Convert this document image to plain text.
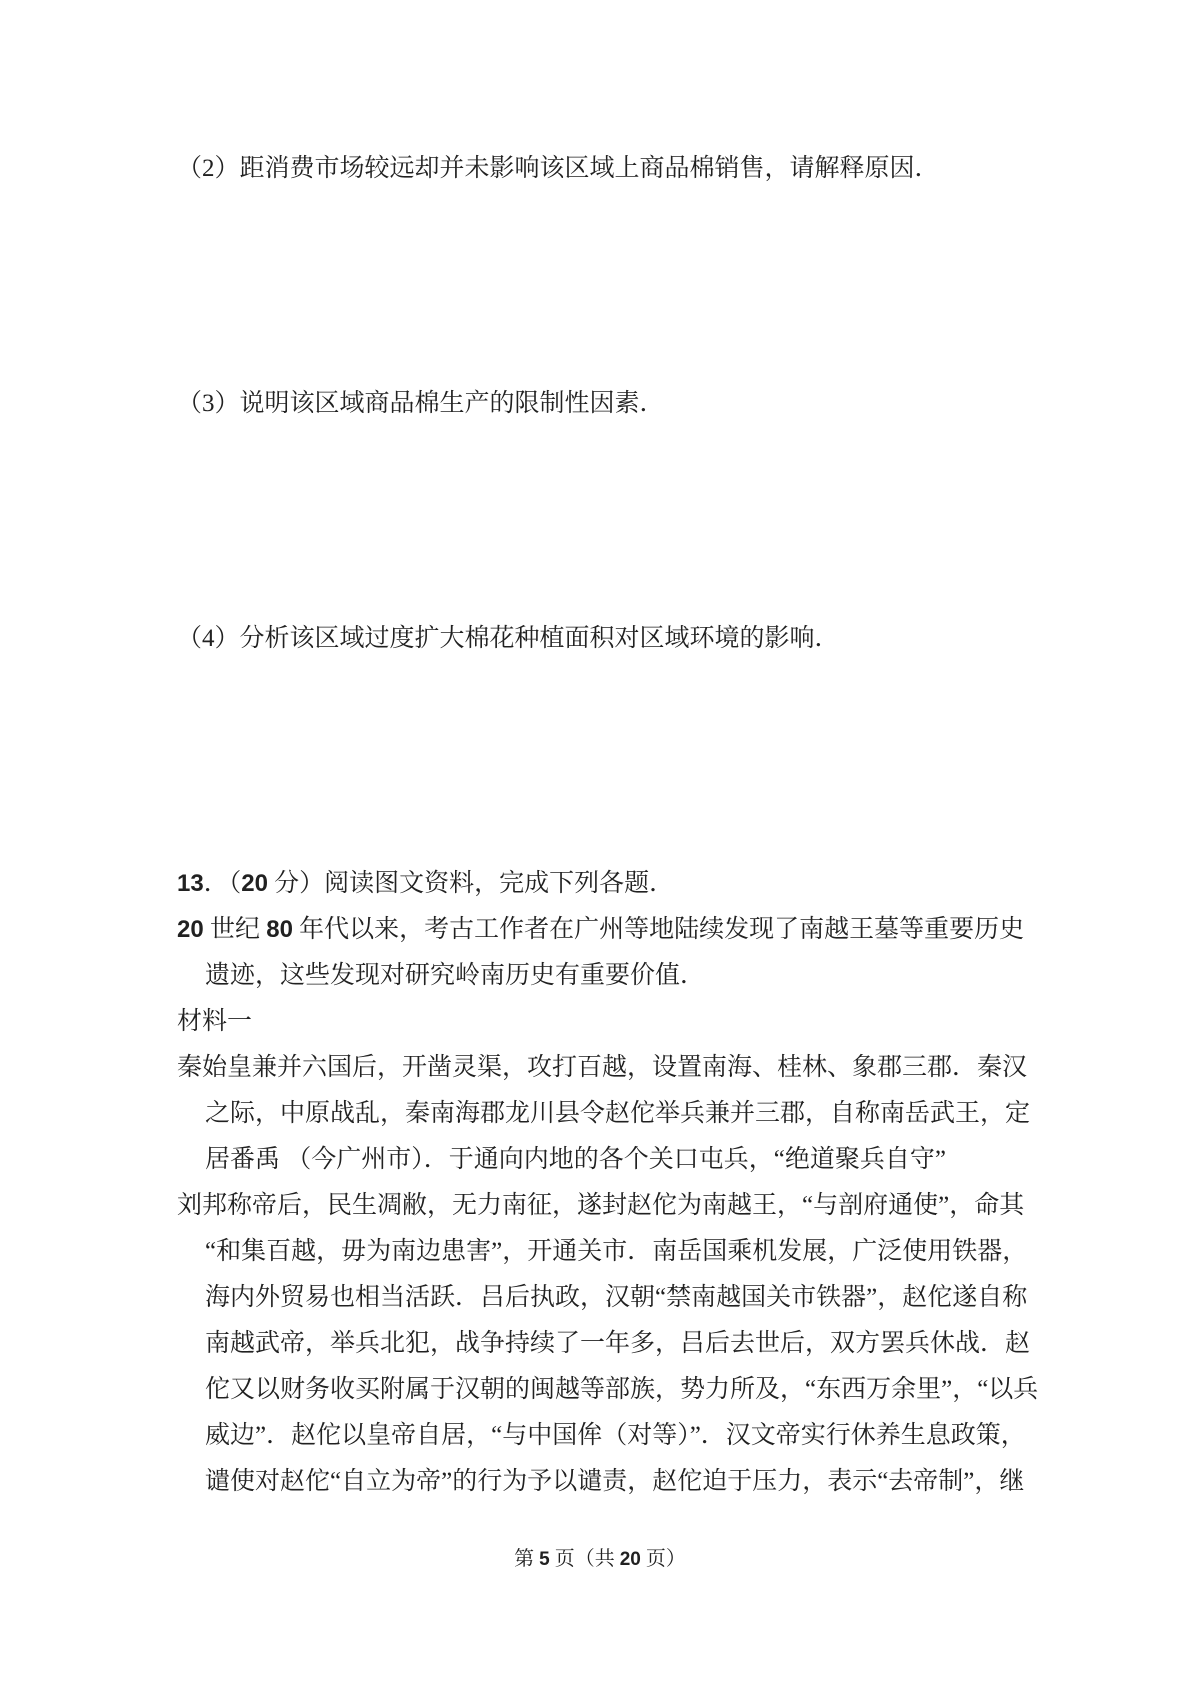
（2）距消费市场较远却并未影响该区域上商品棉销售，请解释原因．
（3）说明该区域商品棉生产的限制性因素．
（4）分析该区域过度扩大棉花种植面积对区域环境的影响．
13．（20 分）阅读图文资料，完成下列各题．
20 世纪 80 年代以来，考古工作者在广州等地陆续发现了南越王墓等重要历史
遗迹，这些发现对研究岭南历史有重要价值．
材料一
秦始皇兼并六国后，开凿灵渠，攻打百越，设置南海、桂林、象郡三郡．秦汉
之际，中原战乱，秦南海郡龙川县令赵佗举兵兼并三郡，自称南岳武王，定
居番禹 （今广州市）．于通向内地的各个关口屯兵，“绝道聚兵自守”
刘邦称帝后，民生凋敝，无力南征，遂封赵佗为南越王，“与剖府通使”，命其
“和集百越，毋为南边患害”，开通关市．南岳国乘机发展，广泛使用铁器，
海内外贸易也相当活跃．吕后执政，汉朝“禁南越国关市铁器”，赵佗遂自称
南越武帝，举兵北犯，战争持续了一年多，吕后去世后，双方罢兵休战．赵
佗又以财务收买附属于汉朝的闽越等部族，势力所及，“东西万余里”，“以兵
威边”．赵佗以皇帝自居，“与中国侔（对等）”．汉文帝实行休养生息政策，
谴使对赵佗“自立为帝”的行为予以谴责，赵佗迫于压力，表示“去帝制”，继
第 5 页（共 20 页）
